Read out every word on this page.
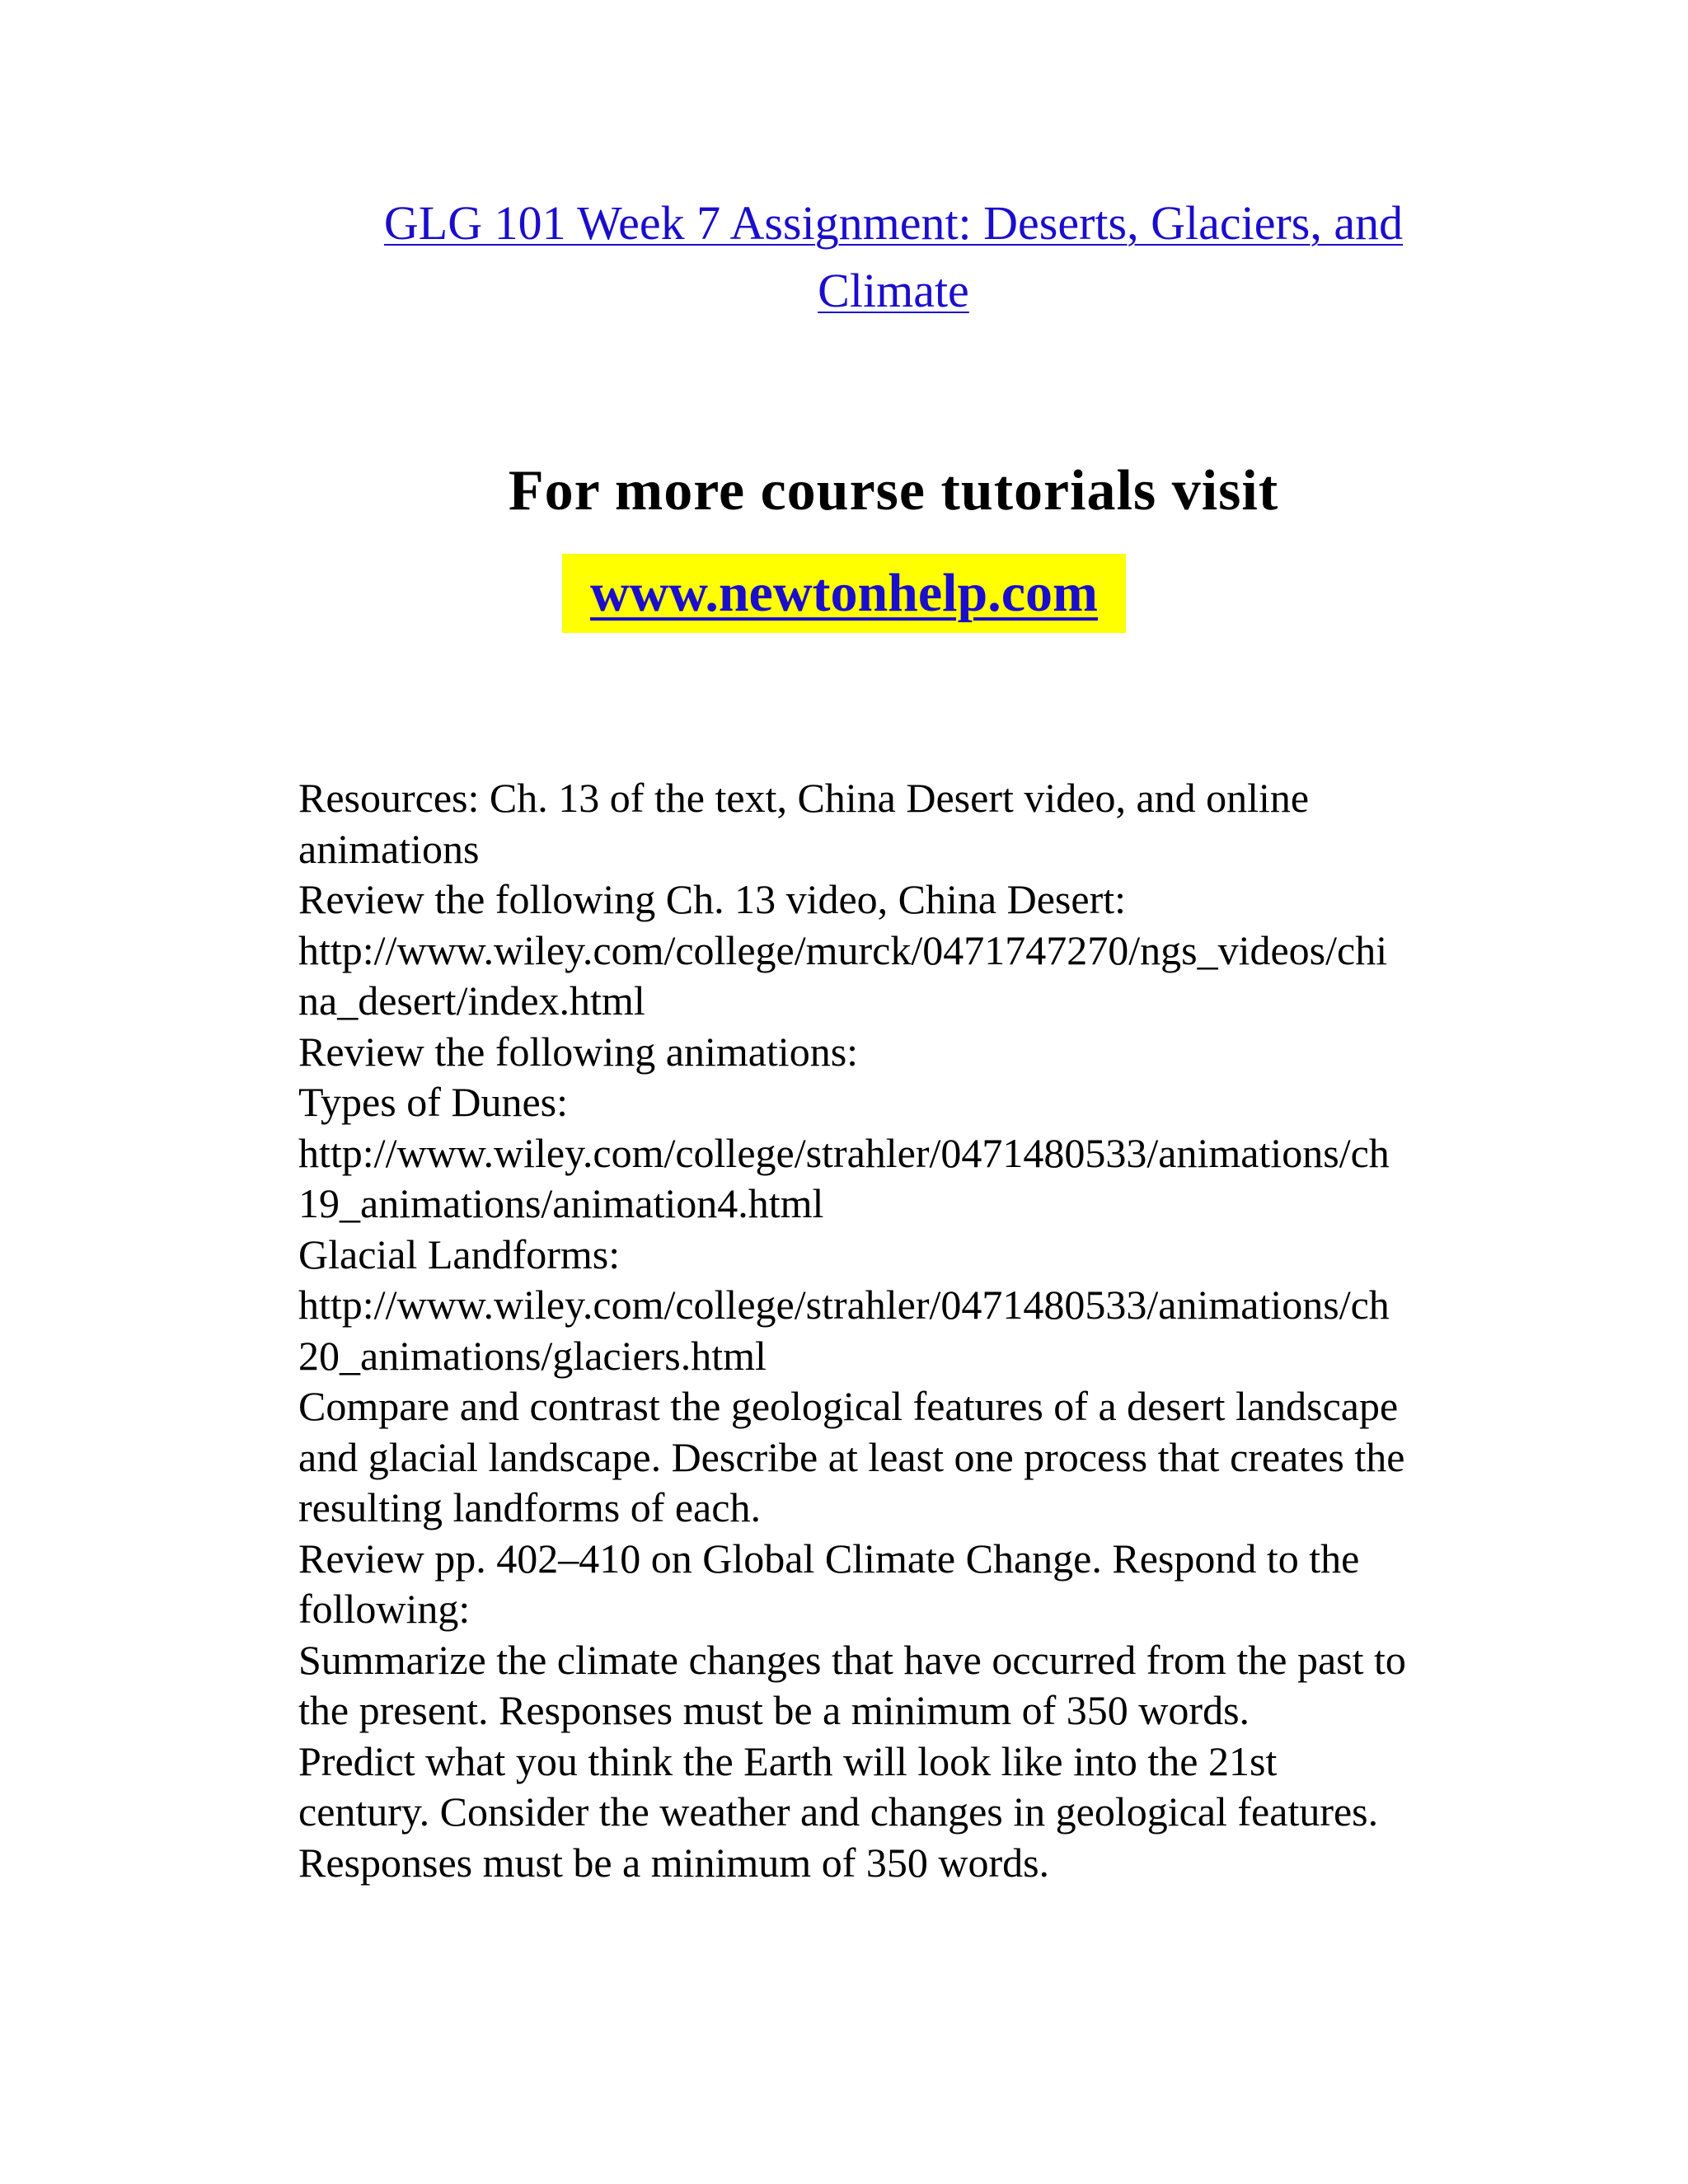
GLG 101 Week 7 Assignment: Deserts, Glaciers, and
Climate
For more course tutorials visit
www.newtonhelp.com
Resources: Ch. 13 of the text, China Desert video, and online
animations
Review the following Ch. 13 video, China Desert:
http://www.wiley.com/college/murck/0471747270/ngs_videos/chi
na_desert/index.html
Review the following animations:
Types of Dunes:
http://www.wiley.com/college/strahler/0471480533/animations/ch
19_animations/animation4.html
Glacial Landforms:
http://www.wiley.com/college/strahler/0471480533/animations/ch
20_animations/glaciers.html
Compare and contrast the geological features of a desert landscape
and glacial landscape. Describe at least one process that creates the
resulting landforms of each.
Review pp. 402–410 on Global Climate Change. Respond to the
following:
Summarize the climate changes that have occurred from the past to
the present. Responses must be a minimum of 350 words.
Predict what you think the Earth will look like into the 21st
century. Consider the weather and changes in geological features.
Responses must be a minimum of 350 words.
